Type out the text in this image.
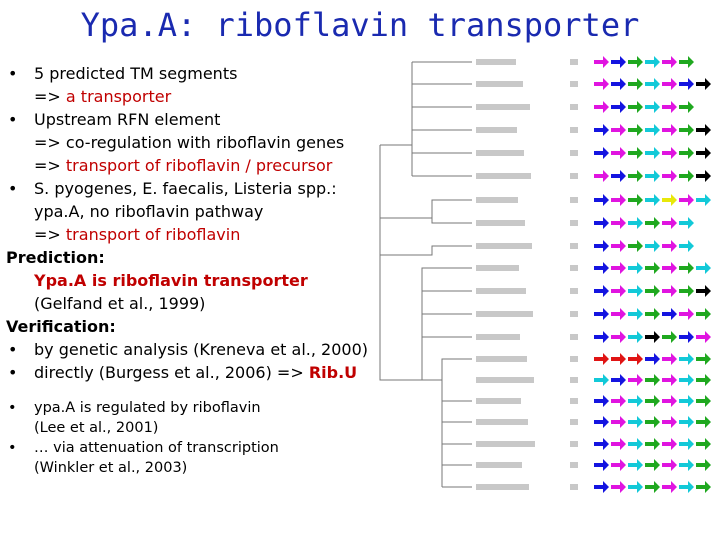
Ypa.A: riboflavin transporter
• 5 predicted TM segments
=> a transporter
• Upstream RFN element
=> co-regulation with riboflavin genes
=> transport of riboflavin / precursor
• S. pyogenes, E. faecalis, Listeria spp.:
ypa.A, no riboflavin pathway
=> transport of riboflavin
Prediction:
Ypa.A is riboflavin transporter
(Gelfand et al., 1999)
Verification:
• by genetic analysis (Kreneva et al., 2000)
• directly (Burgess et al., 2006) => Rib.U
• ypa.A is regulated by riboflavin
(Lee et al., 2001)
• … via attenuation of transcription
(Winkler et al., 2003)
